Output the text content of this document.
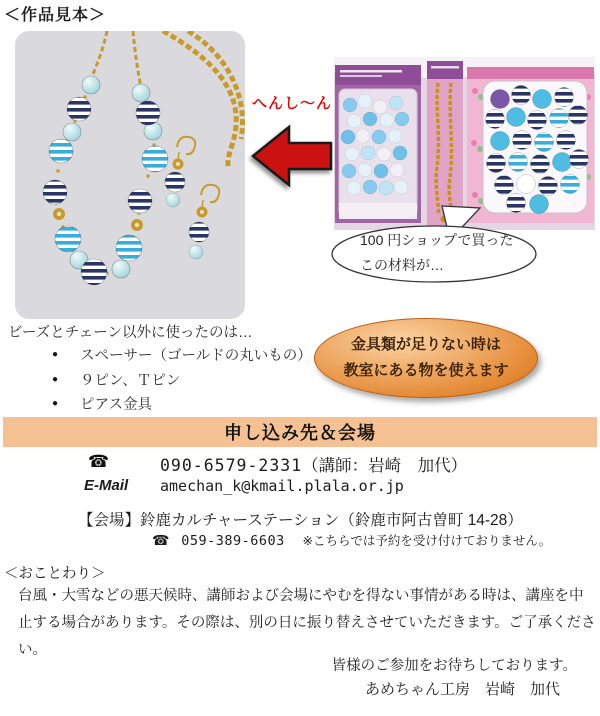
＜作品見本＞
へんし～ん
100 円ショップで買った
この材料が…
ビーズとチェーン以外に使ったのは…
● スペーサー（ゴールドの丸いもの）
● ９ピン、Ｔピン
● ピアス金具

金具類が足りない時は

教室にある物を使えます

申し込み先＆会場
☎	090-6579-2331（講師：岩崎　加代）
E-Mail amechan_k@kmail.plala.or.jp
【会場】鈴鹿カルチャーステーション（鈴鹿市阿古曽町 14-28）
☎ 059-389-6603 ※こちらでは予約を受け付けておりません。
＜おことわり＞

台風・大雪などの悪天候時、講師および会場にやむを得ない事情がある時は、講座を中止する場合があります。その際は、別の日に振り替えさせていただきます。ご了承ください。

皆様のご参加をお待ちしております。
あめちゃん工房　岩崎　加代
